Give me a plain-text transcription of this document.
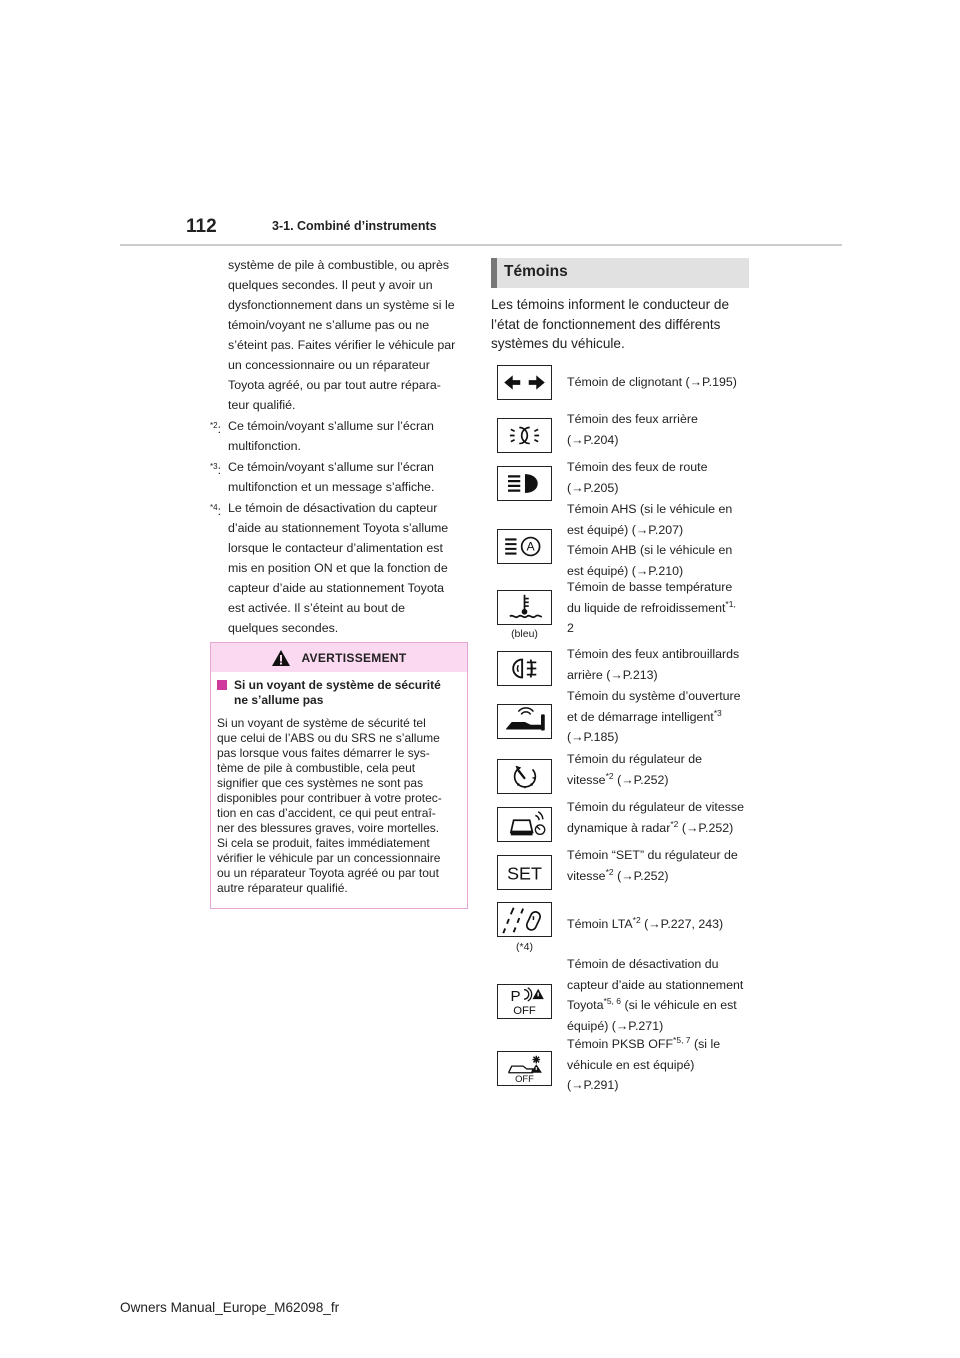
112	3-1. Combiné d’instruments

système de pile à combustible, ou après

quelques secondes. Il peut y avoir un

dysfonctionnement dans un système si le

témoin/voyant ne s’allume pas ou ne

s’éteint pas. Faites vérifier le véhicule par

un concessionnaire ou un réparateur

Toyota agréé, ou par tout autre répara-

teur qualifié.

$^{*2}$: Ce témoin/voyant s’allume sur l’écran

multifonction.

$^{*3}$: Ce témoin/voyant s’allume sur l’écran

multifonction et un message s’affiche.

$^{*4}$: Le témoin de désactivation du capteur

d’aide au stationnement Toyota s’allume

lorsque le contacteur d’alimentation est

mis en position ON et que la fonction de

capteur d’aide au stationnement Toyota

est activée. Il s’éteint au bout de

quelques secondes.

AVERTISSEMENT
Si un voyant de système de sécurité
ne s’allume pas
Si un voyant de système de sécurité tel
que celui de l’ABS ou du SRS ne s’allume
pas lorsque vous faites démarrer le sys-
tème de pile à combustible, cela peut
signifier que ces systèmes ne sont pas
disponibles pour contribuer à votre protec-
tion en cas d’accident, ce qui peut entraî-
ner des blessures graves, voire mortelles.
Si cela se produit, faites immédiatement
vérifier le véhicule par un concessionnaire
ou un réparateur Toyota agréé ou par tout
autre réparateur qualifié.
Témoins

Les témoins informent le conducteur de

l’état de fonctionnement des différents

systèmes du véhicule.

Témoin de clignotant (→P.195)

Témoin des feux arrière

(→P.204)

Témoin des feux de route

(→P.205)

A

Témoin AHS (si le véhicule en

est équipé) (→P.207)

Témoin AHB (si le véhicule en

est équipé) (→P.210)

(bleu)

Témoin de basse température

du liquide de refroidissement$^{*1,}$

2

Témoin des feux antibrouillards

arrière (→P.213)

Témoin du système d’ouverture

et de démarrage intelligent$^{*3}$

(→P.185)

Témoin du régulateur de

vitesse$^{*2}$ (→P.252)

Témoin du régulateur de vitesse

dynamique à radar$^{*2}$ (→P.252)

SET

Témoin “SET” du régulateur de

vitesse$^{*2}$ (→P.252)

(*4)

Témoin LTA$^{*2}$ (→P.227, 243)

P
OFF

Témoin de désactivation du

capteur d’aide au stationnement

Toyota$^{*5, 6}$ (si le véhicule en est

équipé) (→P.271)

OFF

Témoin PKSB OFF$^{*5, 7}$ (si le

véhicule en est équipé)

(→P.291)

Owners Manual_Europe_M62098_fr
